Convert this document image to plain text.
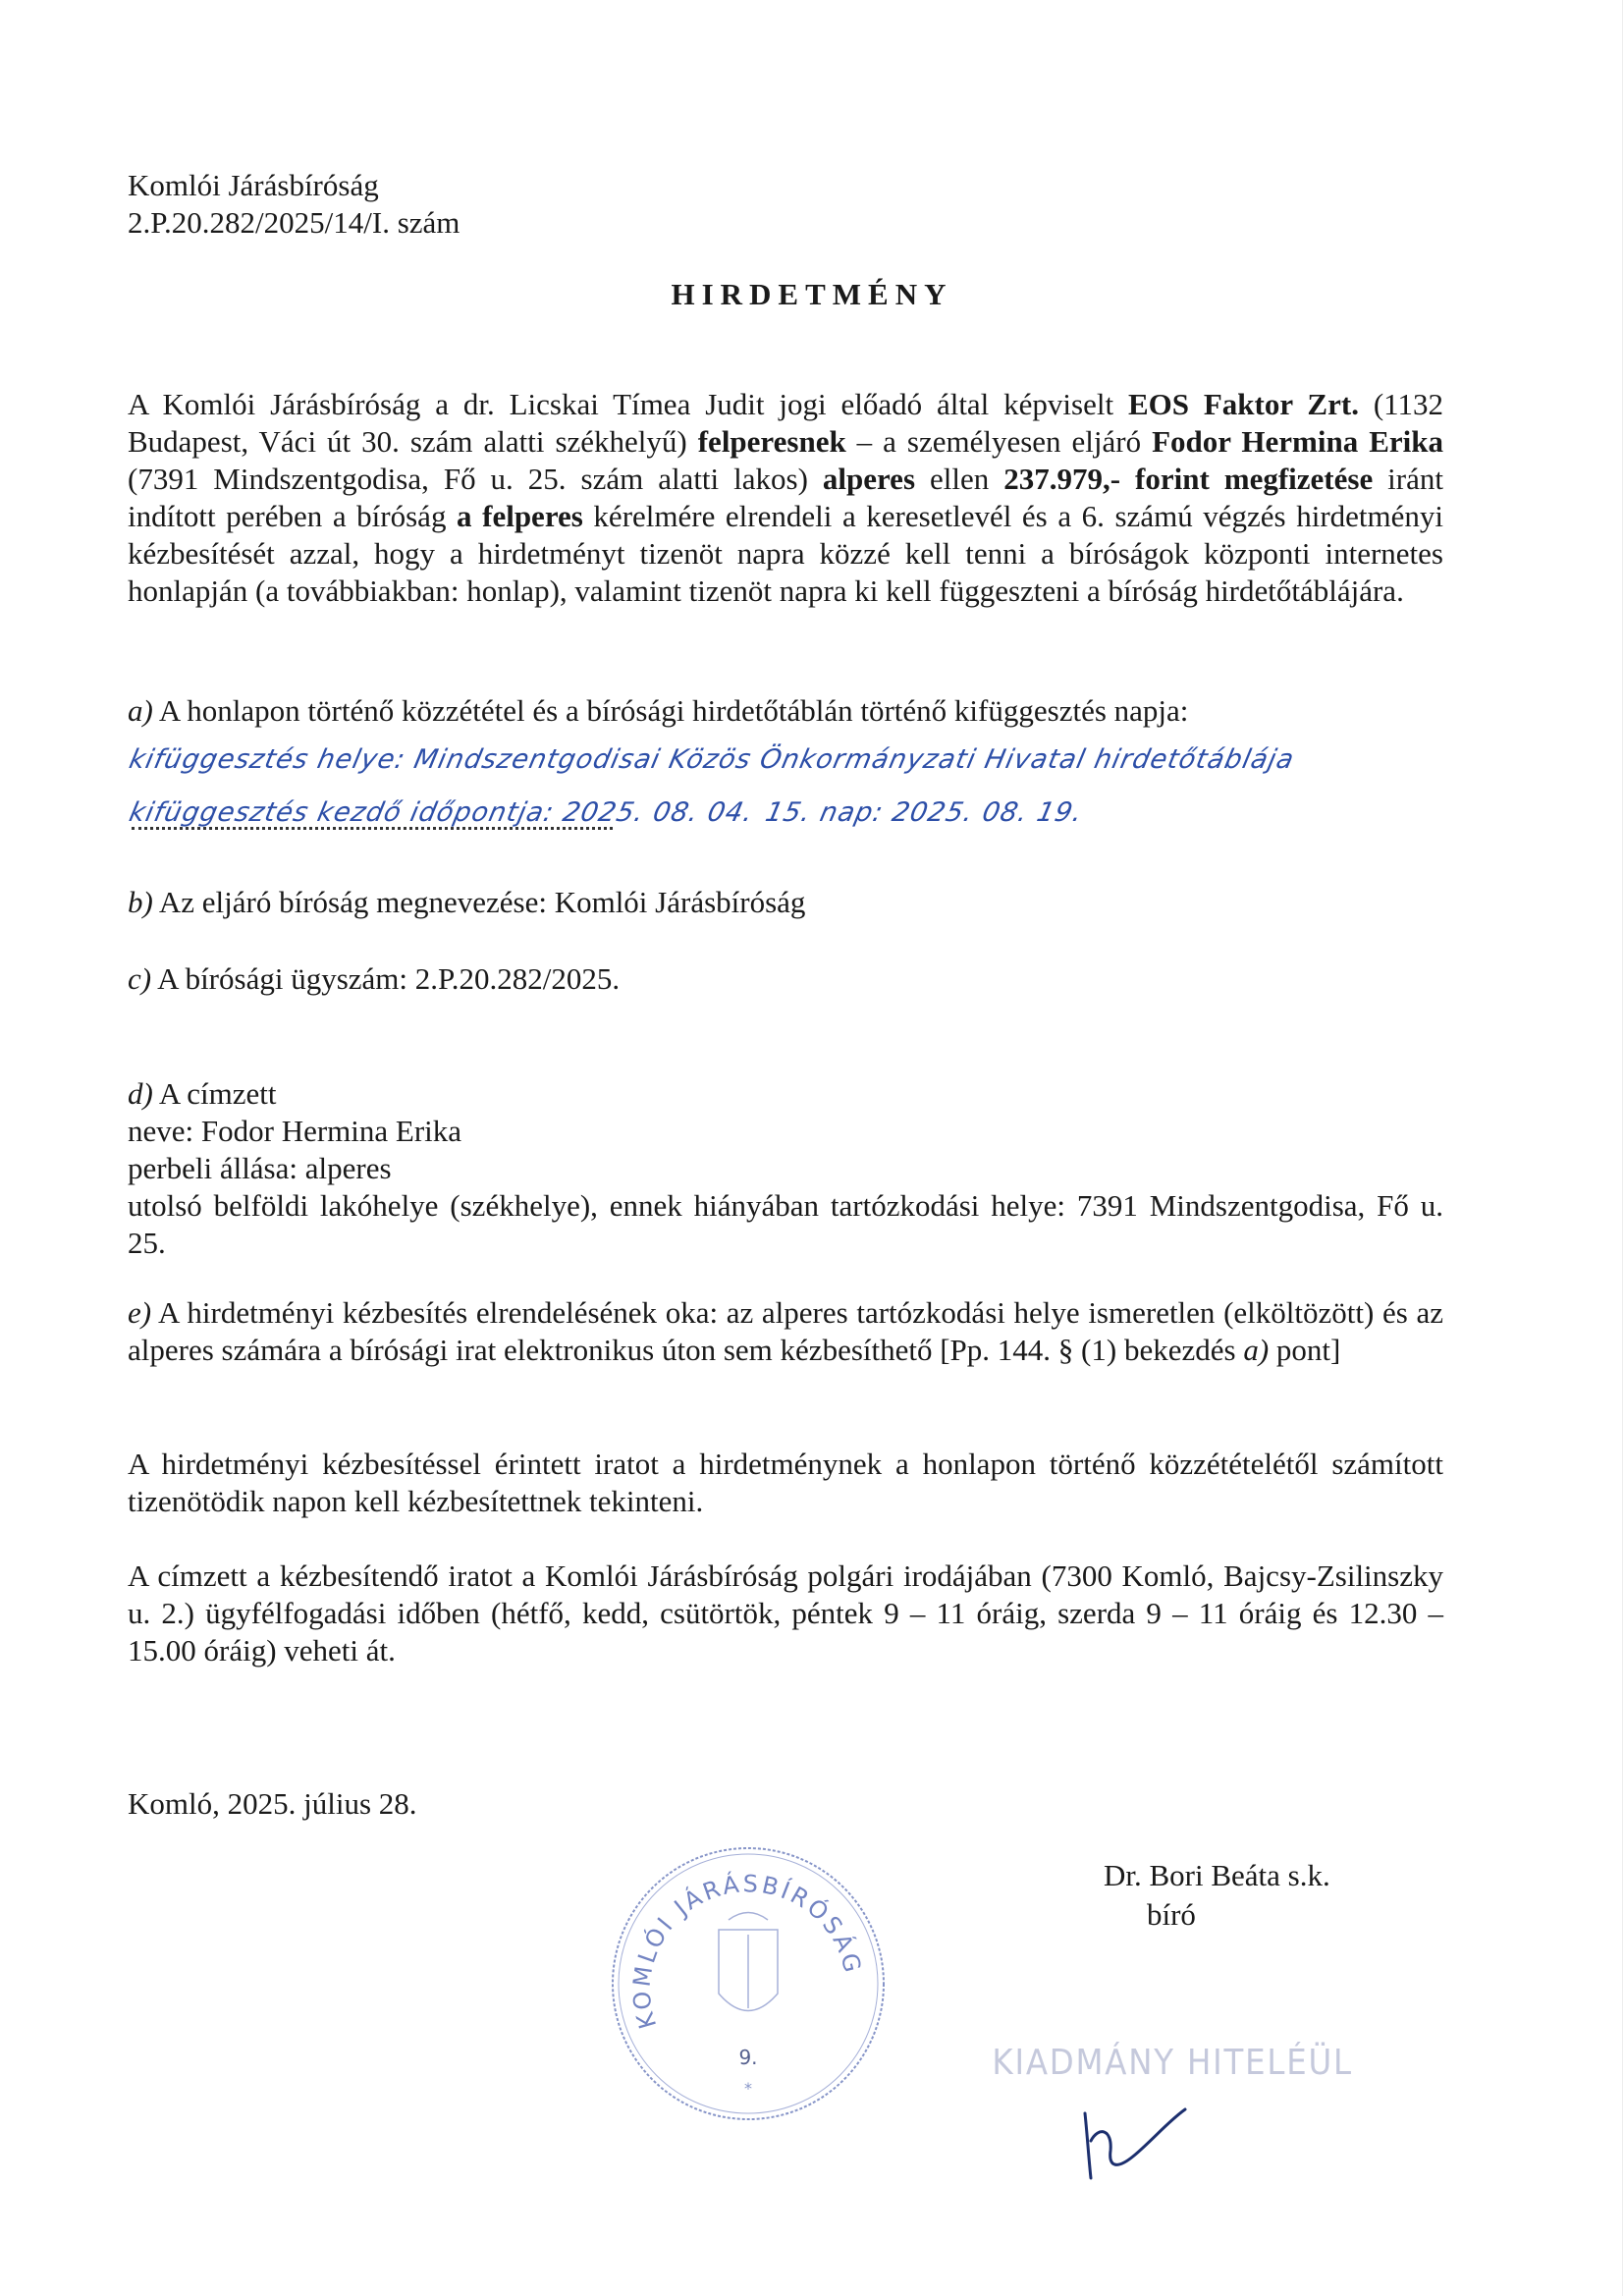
Komlói Járásbíróság
2.P.20.282/2025/14/I. szám
HIRDETMÉNY
A Komlói Járásbíróság a dr. Licskai Tímea Judit jogi előadó által képviselt EOS Faktor Zrt. (1132 Budapest, Váci út 30. szám alatti székhelyű) felperesnek – a személyesen eljáró Fodor Hermina Erika (7391 Mindszentgodisa, Fő u. 25. szám alatti lakos) alperes ellen 237.979,- forint megfizetése iránt indított perében a bíróság a felperes kérelmére elrendeli a keresetlevél és a 6. számú végzés hirdetményi kézbesítését azzal, hogy a hirdetményt tizenöt napra közzé kell tenni a bíróságok központi internetes honlapján (a továbbiakban: honlap), valamint tizenöt napra ki kell függeszteni a bíróság hirdetőtáblájára.
a) A honlapon történő közzététel és a bírósági hirdetőtáblán történő kifüggesztés napja:
kifüggesztés helye: Mindszentgodisai Közös Önkormányzati Hivatal hirdetőtáblája
kifüggesztés kezdő időpontja: 2025. 08. 04. 15. nap: 2025. 08. 19.
b) Az eljáró bíróság megnevezése: Komlói Járásbíróság
c) A bírósági ügyszám: 2.P.20.282/2025.
d) A címzett
neve: Fodor Hermina Erika
perbeli állása: alperes
utolsó belföldi lakóhelye (székhelye), ennek hiányában tartózkodási helye: 7391 Mindszentgodisa, Fő u. 25.
e) A hirdetményi kézbesítés elrendelésének oka: az alperes tartózkodási helye ismeretlen (elköltözött) és az alperes számára a bírósági irat elektronikus úton sem kézbesíthető [Pp. 144. § (1) bekezdés a) pont]
A hirdetményi kézbesítéssel érintett iratot a hirdetménynek a honlapon történő közzétételétől számított tizenötödik napon kell kézbesítettnek tekinteni.
A címzett a kézbesítendő iratot a Komlói Járásbíróság polgári irodájában (7300 Komló, Bajcsy-Zsilinszky u. 2.) ügyfélfogadási időben (hétfő, kedd, csütörtök, péntek 9 – 11 óráig, szerda 9 – 11 óráig és 12.30 – 15.00 óráig) veheti át.
Komló, 2025. július 28.
Dr. Bori Beáta s.k.
bíró
KOMLÓI JÁRÁSBÍRÓSÁG
9.
*
KIADMÁNY HITELÉÜL
